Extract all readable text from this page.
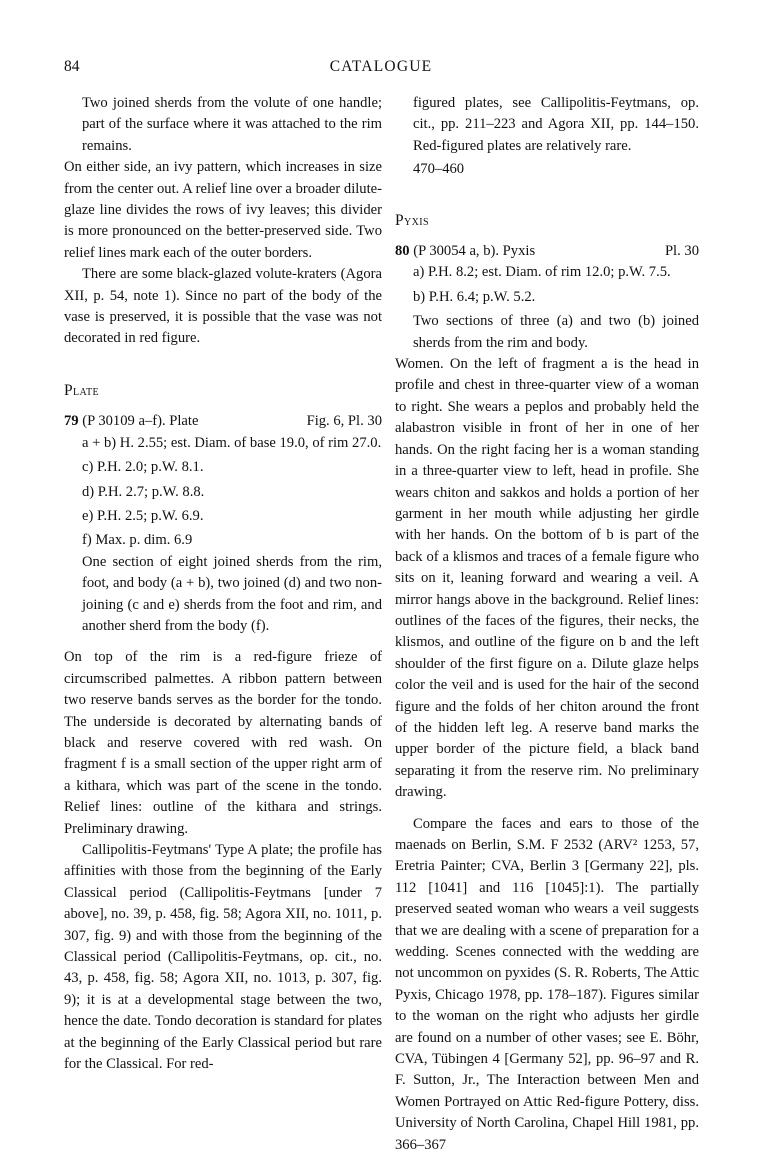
84	CATALOGUE

Two joined sherds from the volute of one handle; part of the surface where it was attached to the rim remains.

On either side, an ivy pattern, which increases in size from the center out. A relief line over a broader dilute-glaze line divides the rows of ivy leaves; this divider is more pronounced on the better-preserved side. Two relief lines mark each of the outer borders.

There are some black-glazed volute-kraters (Agora XII, p. 54, note 1). Since no part of the body of the vase is preserved, it is possible that the vase was not decorated in red figure.

Plate
79 (P 30109 a–f). Plate	Fig. 6, Pl. 30

a + b) H. 2.55; est. Diam. of base 19.0, of rim 27.0.

c) P.H. 2.0; p.W. 8.1.

d) P.H. 2.7; p.W. 8.8.

e) P.H. 2.5; p.W. 6.9.

f) Max. p. dim. 6.9

One section of eight joined sherds from the rim, foot, and body (a + b), two joined (d) and two non-joining (c and e) sherds from the foot and rim, and another sherd from the body (f).

On top of the rim is a red-figure frieze of circumscribed palmettes. A ribbon pattern between two reserve bands serves as the border for the tondo. The underside is decorated by alternating bands of black and reserve covered with red wash. On fragment f is a small section of the upper right arm of a kithara, which was part of the scene in the tondo. Relief lines: outline of the kithara and strings. Preliminary drawing.

Callipolitis-Feytmans' Type A plate; the profile has affinities with those from the beginning of the Early Classical period (Callipolitis-Feytmans [under 7 above], no. 39, p. 458, fig. 58; Agora XII, no. 1011, p. 307, fig. 9) and with those from the beginning of the Classical period (Callipolitis-Feytmans, op. cit., no. 43, p. 458, fig. 58; Agora XII, no. 1013, p. 307, fig. 9); it is at a developmental stage between the two, hence the date. Tondo decoration is standard for plates at the beginning of the Early Classical period but rare for the Classical. For red-

figured plates, see Callipolitis-Feytmans, op. cit., pp. 211–223 and Agora XII, pp. 144–150. Red-figured plates are relatively rare.

470–460

Pyxis
80 (P 30054 a, b). Pyxis	Pl. 30

a) P.H. 8.2; est. Diam. of rim 12.0; p.W. 7.5.

b) P.H. 6.4; p.W. 5.2.

Two sections of three (a) and two (b) joined sherds from the rim and body.

Women. On the left of fragment a is the head in profile and chest in three-quarter view of a woman to right. She wears a peplos and probably held the alabastron visible in front of her in one of her hands. On the right facing her is a woman standing in a three-quarter view to left, head in profile. She wears chiton and sakkos and holds a portion of her garment in her mouth while adjusting her girdle with her hands. On the bottom of b is part of the back of a klismos and traces of a female figure who sits on it, leaning forward and wearing a veil. A mirror hangs above in the background. Relief lines: outlines of the faces of the figures, their necks, the klismos, and outline of the figure on b and the left shoulder of the first figure on a. Dilute glaze helps color the veil and is used for the hair of the second figure and the folds of her chiton around the front of the hidden left leg. A reserve band marks the upper border of the picture field, a black band separating it from the reserve rim. No preliminary drawing.

Compare the faces and ears to those of the maenads on Berlin, S.M. F 2532 (ARV² 1253, 57, Eretria Painter; CVA, Berlin 3 [Germany 22], pls. 112 [1041] and 116 [1045]:1). The partially preserved seated woman who wears a veil suggests that we are dealing with a scene of preparation for a wedding. Scenes connected with the wedding are not uncommon on pyxides (S. R. Roberts, The Attic Pyxis, Chicago 1978, pp. 178–187). Figures similar to the woman on the right who adjusts her girdle are found on a number of other vases; see E. Böhr, CVA, Tübingen 4 [Germany 52], pp. 96–97 and R. F. Sutton, Jr., The Interaction between Men and Women Portrayed on Attic Red-figure Pottery, diss. University of North Carolina, Chapel Hill 1981, pp. 366–367
